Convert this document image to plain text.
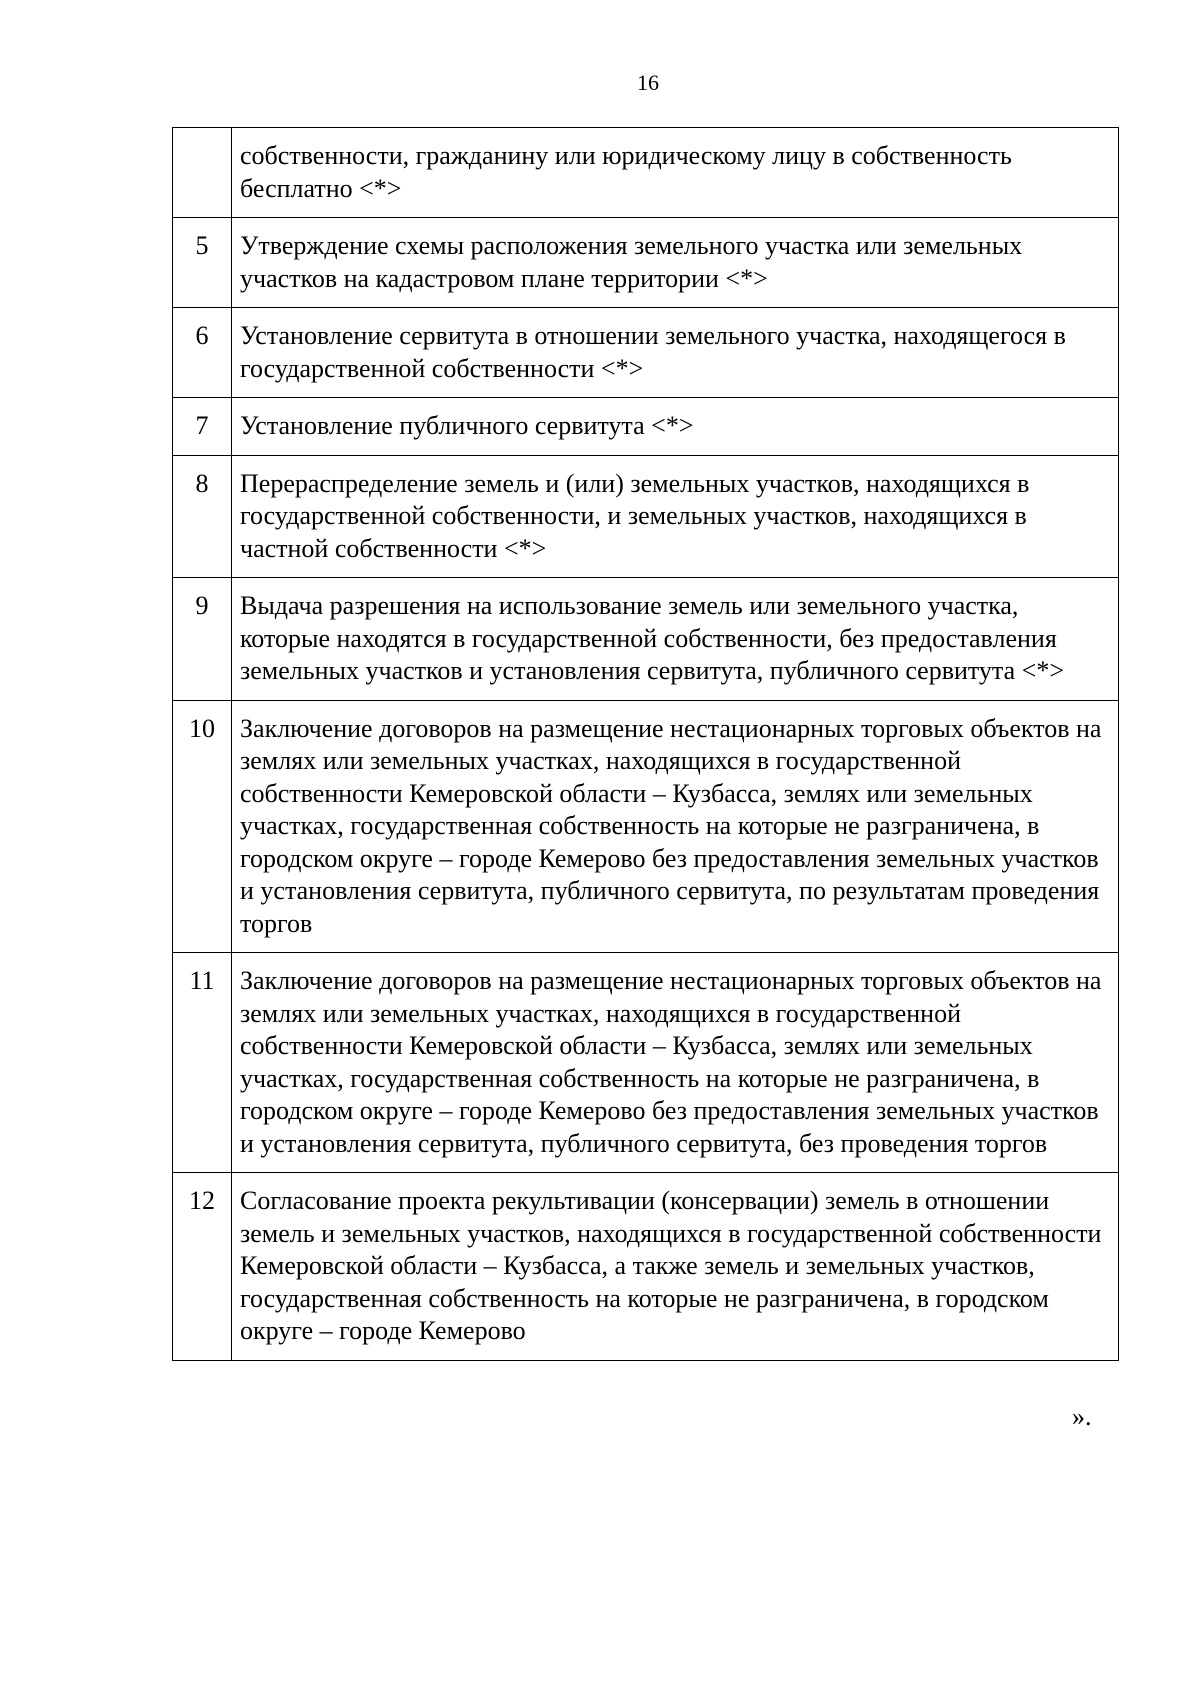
16
	собственности, гражданину или юридическому лицу в собственность бесплатно <*>
5	Утверждение схемы расположения земельного участка или земельных участков на кадастровом плане территории <*>
6	Установление сервитута в отношении земельного участка, находящегося в государственной собственности <*>
7	Установление публичного сервитута <*>
8	Перераспределение земель и (или) земельных участков, находящихся в государственной собственности, и земельных участков, находящихся в частной собственности <*>
9	Выдача разрешения на использование земель или земельного участка, которые находятся в государственной собственности, без предоставления земельных участков и установления сервитута, публичного сервитута <*>
10	Заключение договоров на размещение нестационарных торговых объектов на землях или земельных участках, находящихся в государственной собственности Кемеровской области – Кузбасса, землях или земельных участках, государственная собственность на которые не разграничена, в городском округе – городе Кемерово без предоставления земельных участков и установления сервитута, публичного сервитута, по результатам проведения торгов
11	Заключение договоров на размещение нестационарных торговых объектов на землях или земельных участках, находящихся в государственной собственности Кемеровской области – Кузбасса, землях или земельных участках, государственная собственность на которые не разграничена, в городском округе – городе Кемерово без предоставления земельных участков и установления сервитута, публичного сервитута, без проведения торгов
12	Согласование проекта рекультивации (консервации) земель в отношении земель и земельных участков, находящихся в государственной собственности Кемеровской области – Кузбасса, а также земель и земельных участков, государственная собственность на которые не разграничена, в городском округе – городе Кемерово
».
